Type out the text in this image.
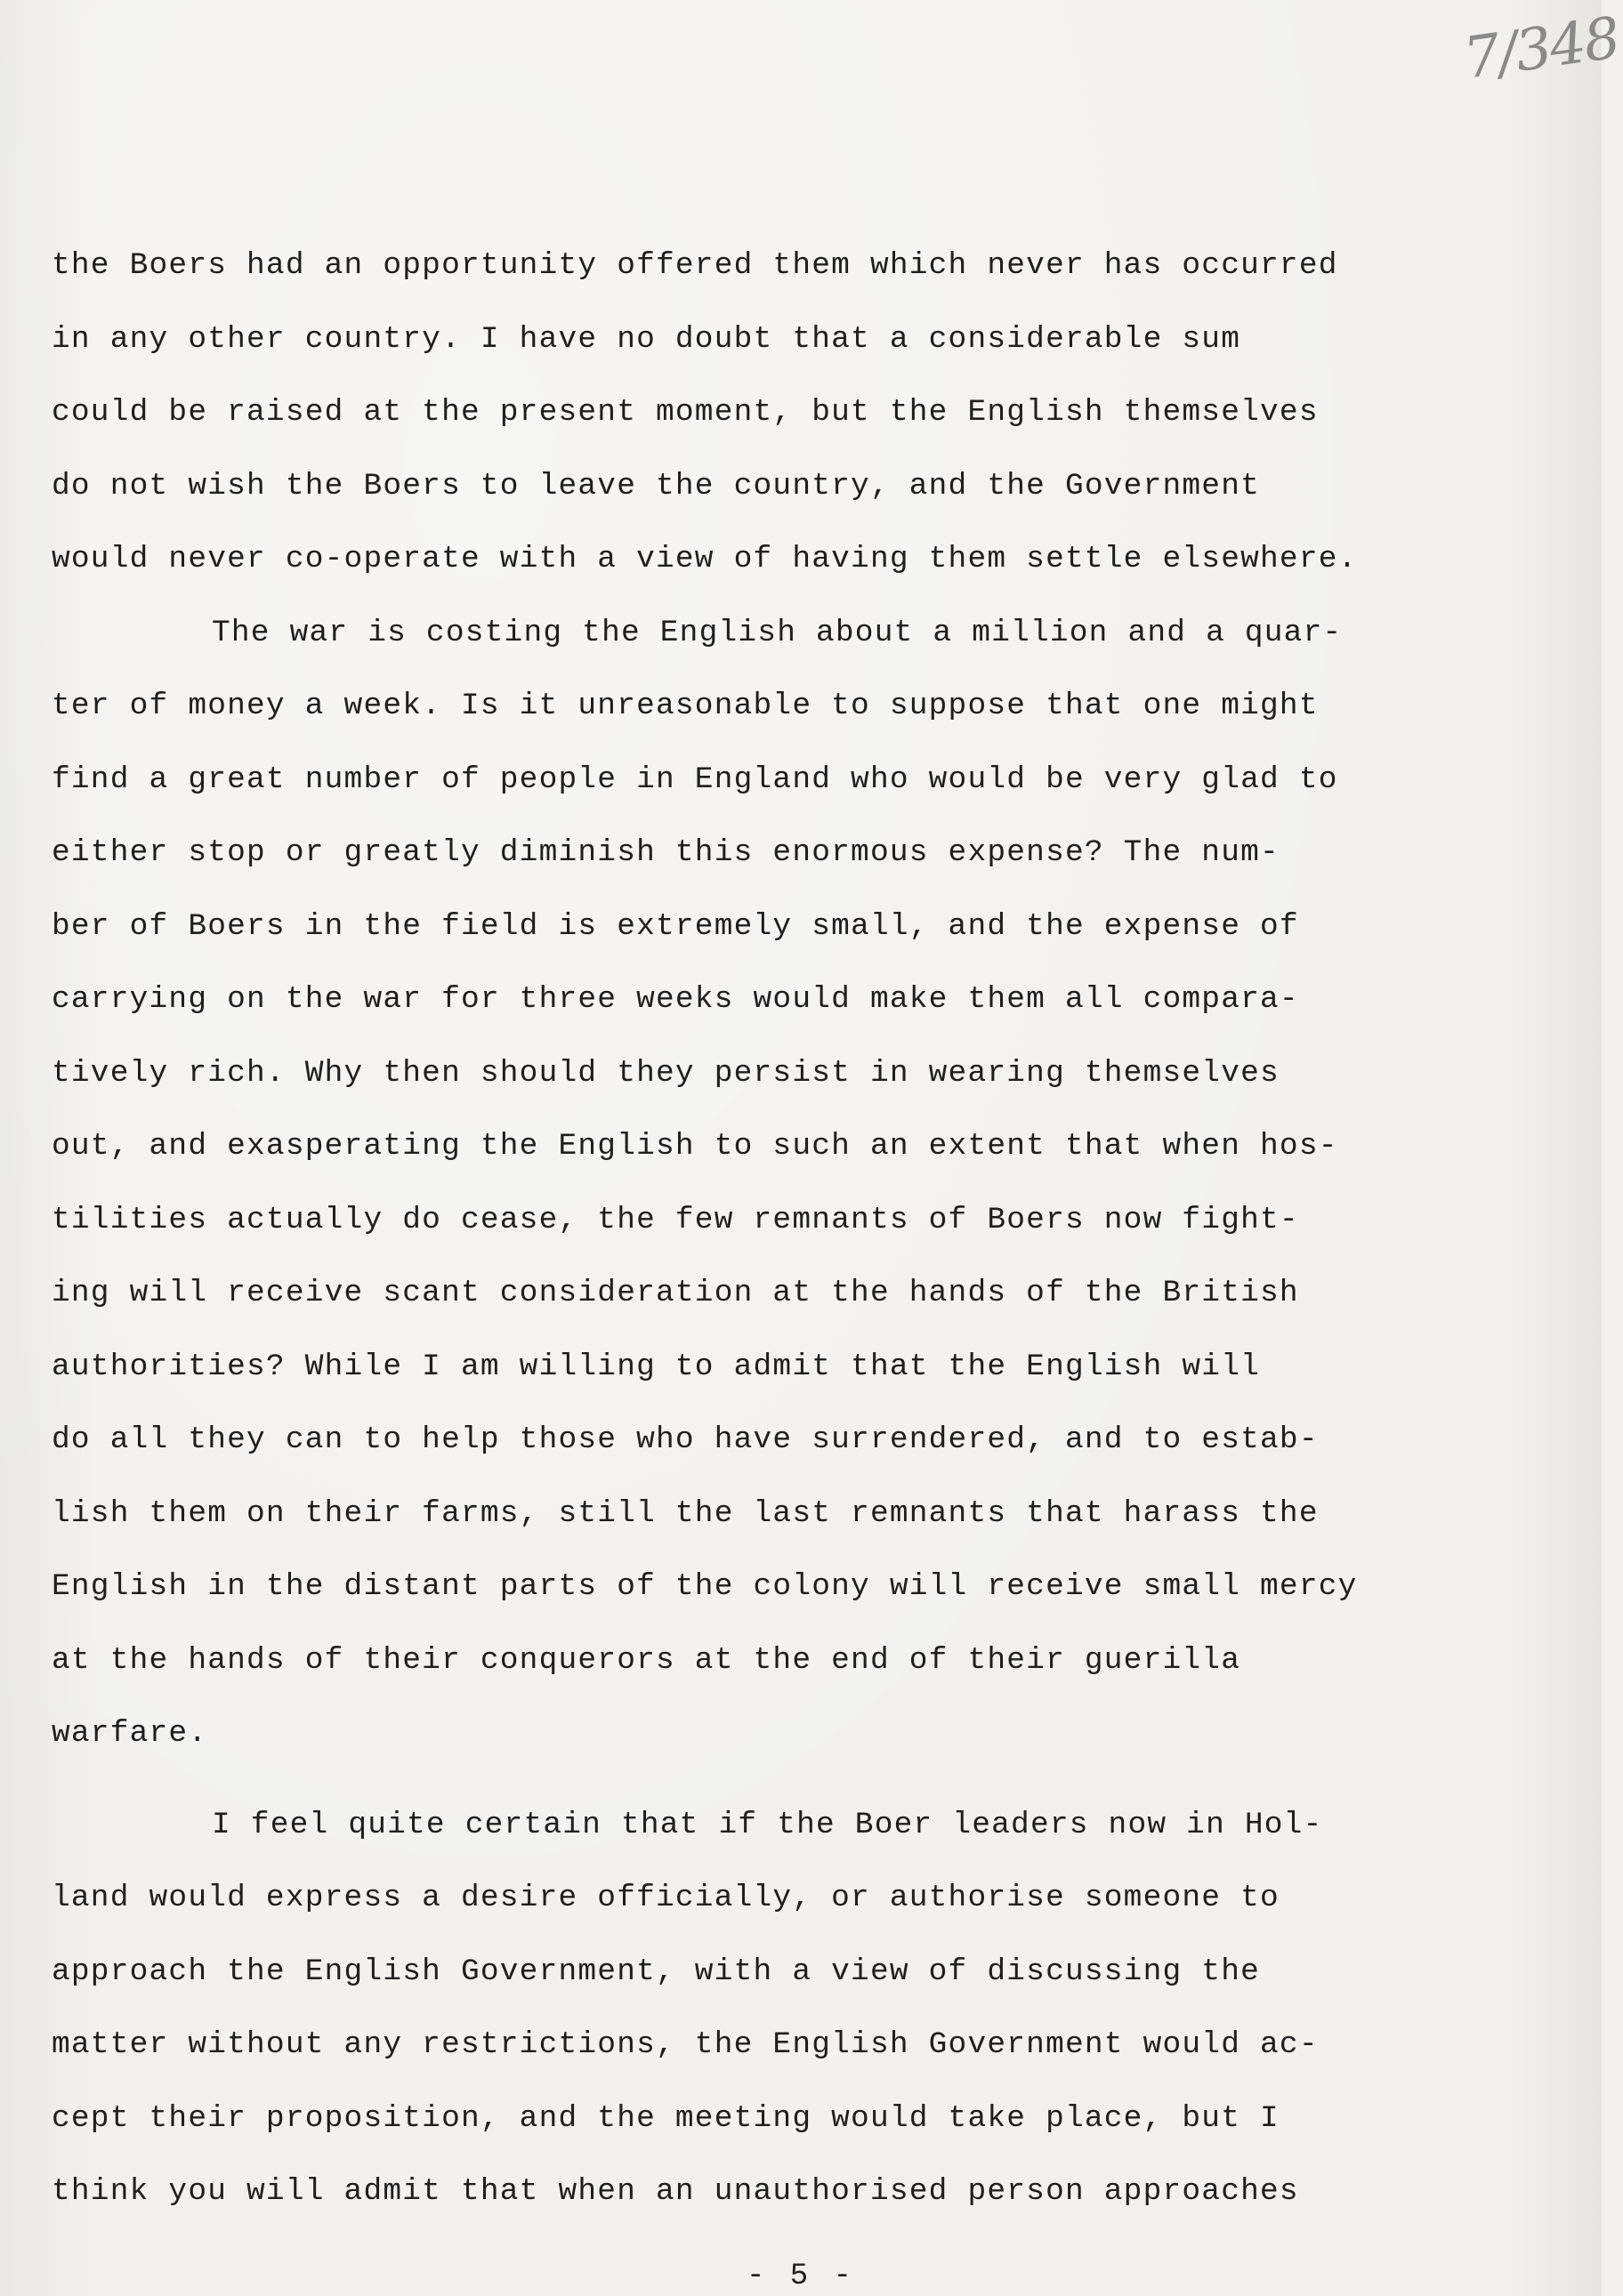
7/348
the Boers had an opportunity offered them which never has occurred
in any other country. I have no doubt that a considerable sum
could be raised at the present moment, but the English themselves
do not wish the Boers to leave the country, and the Government
would never co-operate with a view of having them settle elsewhere.
The war is costing the English about a million and a quar-
ter of money a week. Is it unreasonable to suppose that one might
find a great number of people in England who would be very glad to
either stop or greatly diminish this enormous expense? The num-
ber of Boers in the field is extremely small, and the expense of
carrying on the war for three weeks would make them all compara-
tively rich. Why then should they persist in wearing themselves
out, and exasperating the English to such an extent that when hos-
tilities actually do cease, the few remnants of Boers now fight-
ing will receive scant consideration at the hands of the British
authorities? While I am willing to admit that the English will
do all they can to help those who have surrendered, and to estab-
lish them on their farms, still the last remnants that harass the
English in the distant parts of the colony will receive small mercy
at the hands of their conquerors at the end of their guerilla
warfare.
I feel quite certain that if the Boer leaders now in Hol-
land would express a desire officially, or authorise someone to
approach the English Government, with a view of discussing the
matter without any restrictions, the English Government would ac-
cept their proposition, and the meeting would take place, but I
think you will admit that when an unauthorised person approaches
- 5 -
